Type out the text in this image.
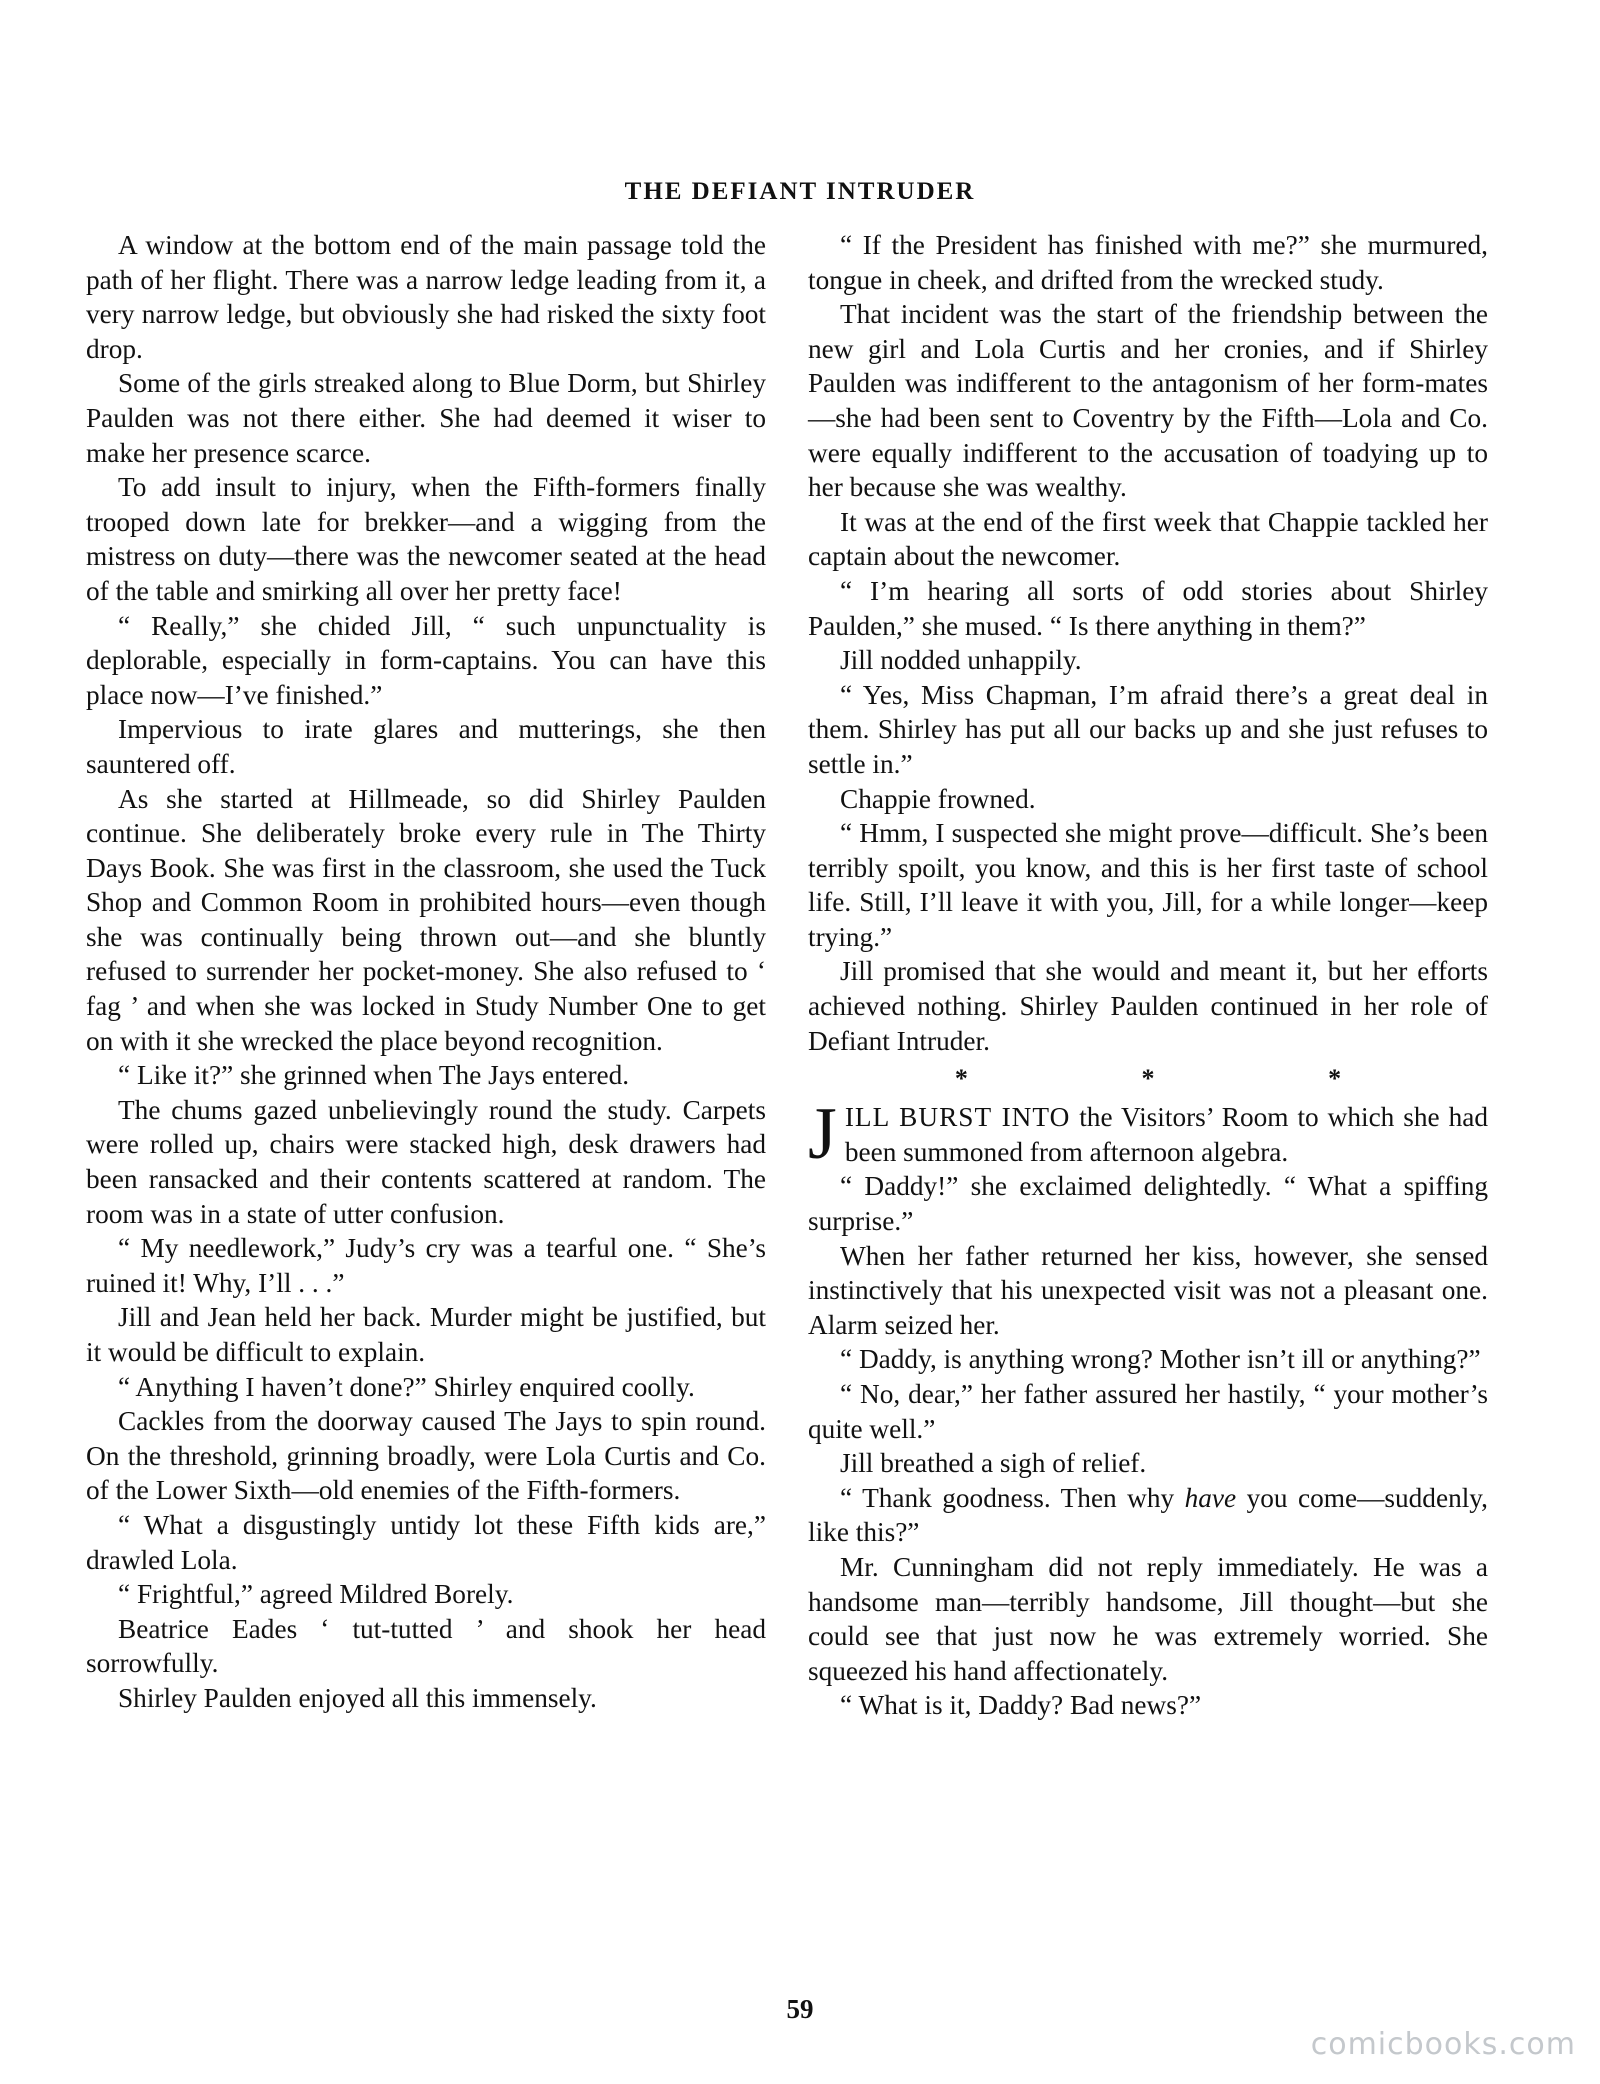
THE DEFIANT INTRUDER

A window at the bottom end of the main passage told the path of her flight. There was a narrow ledge leading from it, a very narrow ledge, but obviously she had risked the sixty foot drop.

Some of the girls streaked along to Blue Dorm, but Shirley Paulden was not there either. She had deemed it wiser to make her presence scarce.

To add insult to injury, when the Fifth-formers finally trooped down late for brekker—and a wigging from the mistress on duty—there was the newcomer seated at the head of the table and smirking all over her pretty face!

“ Really,” she chided Jill, “ such unpunctuality is deplorable, especially in form-captains. You can have this place now—I’ve finished.”

Impervious to irate glares and mutterings, she then sauntered off.

As she started at Hillmeade, so did Shirley Paulden continue. She deliberately broke every rule in The Thirty Days Book. She was first in the classroom, she used the Tuck Shop and Common Room in prohibited hours—even though she was continually being thrown out—and she bluntly refused to surrender her pocket-money. She also refused to ‘ fag ’ and when she was locked in Study Number One to get on with it she wrecked the place beyond recognition.

“ Like it?” she grinned when The Jays entered.

The chums gazed unbelievingly round the study. Carpets were rolled up, chairs were stacked high, desk drawers had been ransacked and their contents scattered at random. The room was in a state of utter confusion.

“ My needlework,” Judy’s cry was a tearful one. “ She’s ruined it! Why, I’ll . . .”

Jill and Jean held her back. Murder might be justified, but it would be difficult to explain.

“ Anything I haven’t done?” Shirley enquired coolly.

Cackles from the doorway caused The Jays to spin round. On the threshold, grinning broadly, were Lola Curtis and Co. of the Lower Sixth—old enemies of the Fifth-formers.

“ What a disgustingly untidy lot these Fifth kids are,” drawled Lola.

“ Frightful,” agreed Mildred Borely.

Beatrice Eades ‘ tut-tutted ’ and shook her head sorrowfully.

Shirley Paulden enjoyed all this immensely.

“ If the President has finished with me?” she murmured, tongue in cheek, and drifted from the wrecked study.

That incident was the start of the friendship between the new girl and Lola Curtis and her cronies, and if Shirley Paulden was indifferent to the antagonism of her form-mates—she had been sent to Coventry by the Fifth—Lola and Co. were equally indifferent to the accusation of toadying up to her because she was wealthy.

It was at the end of the first week that Chappie tackled her captain about the newcomer.

“ I’m hearing all sorts of odd stories about Shirley Paulden,” she mused. “ Is there anything in them?”

Jill nodded unhappily.

“ Yes, Miss Chapman, I’m afraid there’s a great deal in them. Shirley has put all our backs up and she just refuses to settle in.”

Chappie frowned.

“ Hmm, I suspected she might prove—difficult. She’s been terribly spoilt, you know, and this is her first taste of school life. Still, I’ll leave it with you, Jill, for a while longer—keep trying.”

Jill promised that she would and meant it, but her efforts achieved nothing. Shirley Paulden continued in her role of Defiant Intruder.

*	*	*

JILL BURST INTO the Visitors’ Room to which she had been summoned from afternoon algebra.

“ Daddy!” she exclaimed delightedly. “ What a spiffing surprise.”

When her father returned her kiss, however, she sensed instinctively that his unexpected visit was not a pleasant one. Alarm seized her.

“ Daddy, is anything wrong? Mother isn’t ill or anything?”

“ No, dear,” her father assured her hastily, “ your mother’s quite well.”

Jill breathed a sigh of relief.

“ Thank goodness. Then why have you come—suddenly, like this?”

Mr. Cunningham did not reply immediately. He was a handsome man—terribly handsome, Jill thought—but she could see that just now he was extremely worried. She squeezed his hand affectionately.

“ What is it, Daddy? Bad news?”

59
comicbooks.com
